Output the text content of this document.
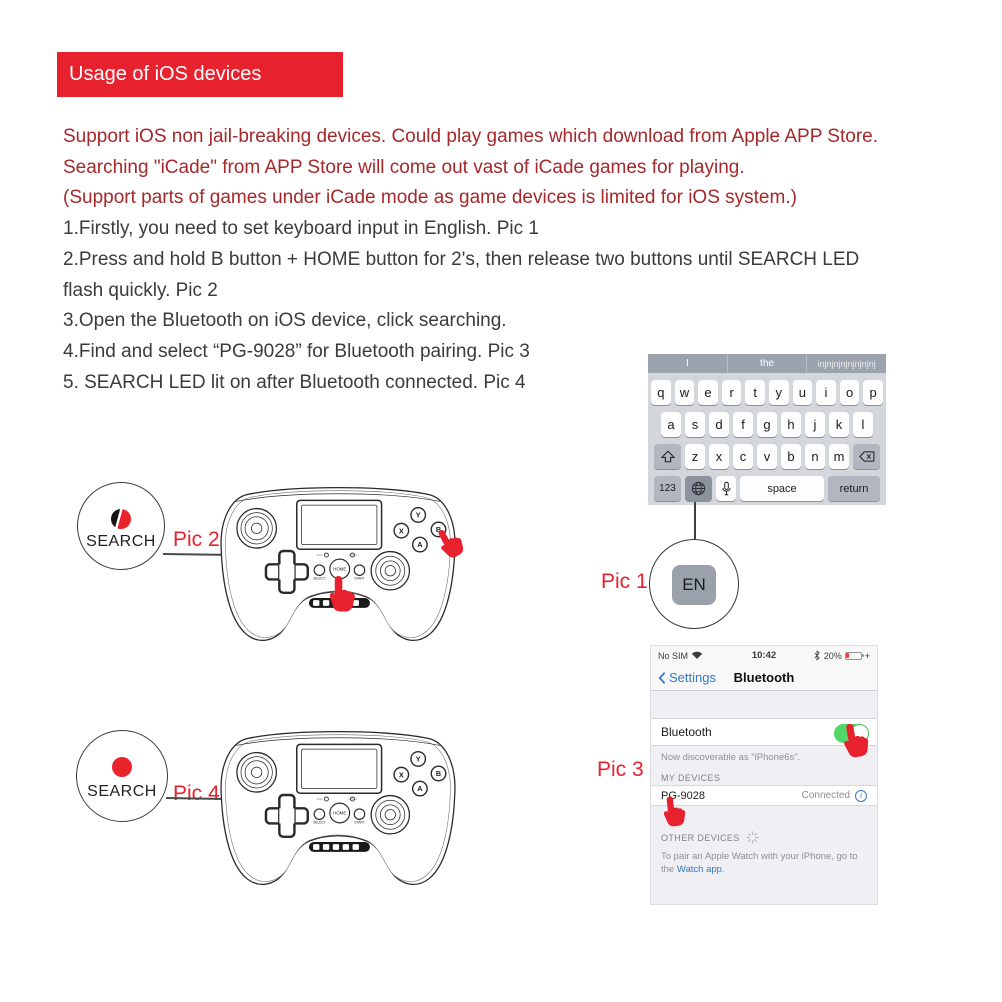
Usage of iOS devices
Support iOS non jail-breaking devices. Could play games which download from Apple APP Store.
Searching "iCade" from APP Store will come out vast of iCade games for playing.
(Support parts of games under iCade mode as game devices is limited for iOS system.)
1.Firstly, you need to set keyboard input in English. Pic 1
2.Press and hold B button + HOME button for 2's, then release two buttons until SEARCH LED
flash quickly. Pic 2
3.Open the Bluetooth on iOS device, click searching.
4.Find and select “PG-9028” for Bluetooth pairing. Pic 3
5. SEARCH LED lit on after Bluetooth connected. Pic 4
I	the	injnjnjnjnjnjnjnj
q	w	e	r	t	y	u	i	o	p
a	s	d	f	g	h	j	k	l
z	x	c	v	b	n	m
123	space	return
Pic 1	EN
SEARCH Pic 2
Y
X	B
A
HOME
SELECT	START
SEARCH Pic 4
Y
X	B
A
HOME
SELECT	START
Pic 3
No SIM	10:42	20%	+
Settings	Bluetooth
Bluetooth
Now discoverable as "iPhone6s".
MY DEVICES
PG-9028	Connected	i
OTHER DEVICES
To pair an Apple Watch with your iPhone, go to the Watch app.
